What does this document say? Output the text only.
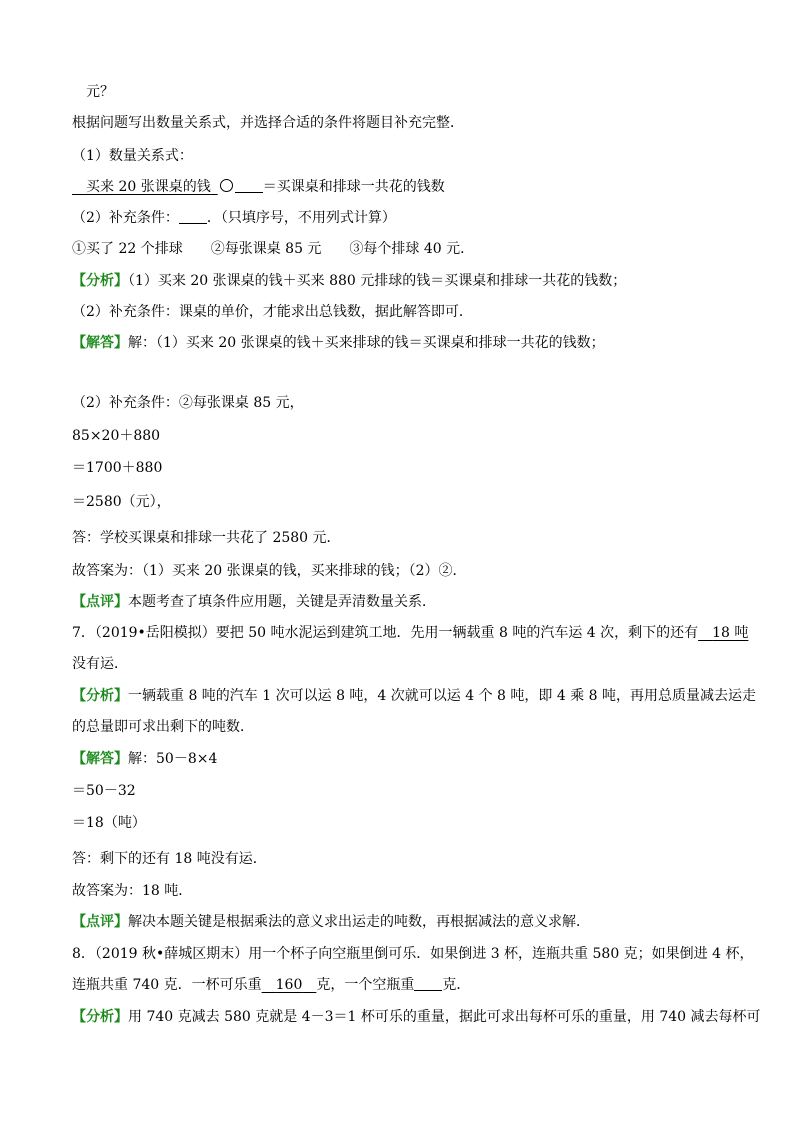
元？
根据问题写出数量关系式，并选择合适的条件将题目补充完整．
（1）数量关系式：
 买来 20 张课桌的钱 	＝买课桌和排球一共花的钱数
（2）补充条件： ．（只填序号，不用列式计算）
①买了 22 个排球　　②每张课桌 85 元　　③每个排球 40 元．
【分析】（1）买来 20 张课桌的钱＋买来 880 元排球的钱＝买课桌和排球一共花的钱数；
（2）补充条件：课桌的单价，才能求出总钱数，据此解答即可．
【解答】解：（1）买来 20 张课桌的钱＋买来排球的钱＝买课桌和排球一共花的钱数；
（2）补充条件：②每张课桌 85 元，
85×20＋880
＝1700＋880
＝2580（元），
答：学校买课桌和排球一共花了 2580 元．
故答案为：（1）买来 20 张课桌的钱，买来排球的钱；（2）②．
【点评】本题考查了填条件应用题，关键是弄清数量关系．
7．（2019•岳阳模拟）要把 50 吨水泥运到建筑工地．先用一辆载重 8 吨的汽车运 4 次，剩下的还有   18 吨
没有运．
【分析】一辆载重 8 吨的汽车 1 次可以运 8 吨，4 次就可以运 4 个 8 吨，即 4 乘 8 吨，再用总质量减去运走
的总量即可求出剩下的吨数．
【解答】解：50－8×4
＝50－32
＝18（吨）
答：剩下的还有 18 吨没有运．
故答案为：18 吨．
【点评】解决本题关键是根据乘法的意义求出运走的吨数，再根据减法的意义求解．
8．（2019 秋•薛城区期末）用一个杯子向空瓶里倒可乐．如果倒进 3 杯，连瓶共重 580 克；如果倒进 4 杯，
连瓶共重 740 克．一杯可乐重   160   克，一个空瓶重 克．
【分析】用 740 克减去 580 克就是 4－3＝1 杯可乐的重量，据此可求出每杯可乐的重量，用 740 减去每杯可
